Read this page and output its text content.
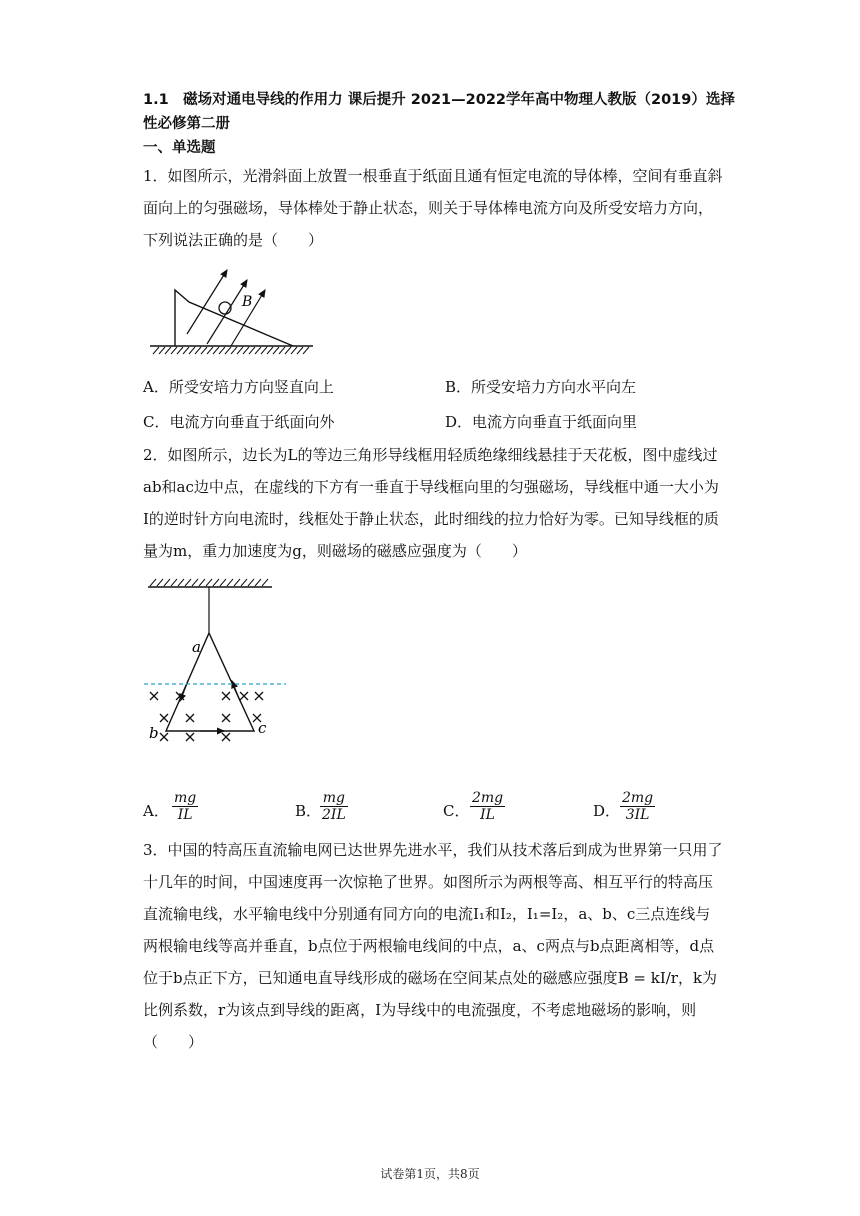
1.1　磁场对通电导线的作用力 课后提升 2021—2022学年高中物理人教版（2019）选择性必修第二册
一、单选题
1．如图所示，光滑斜面上放置一根垂直于纸面且通有恒定电流的导体棒，空间有垂直斜面向上的匀强磁场，导体棒处于静止状态，则关于导体棒电流方向及所受安培力方向，下列说法正确的是（　　）
B
A．所受安培力方向竖直向上	B．所受安培力方向水平向左
C．电流方向垂直于纸面向外	D．电流方向垂直于纸面向里
2．如图所示，边长为L的等边三角形导线框用轻质绝缘细线悬挂于天花板，图中虚线过ab和ac边中点，在虚线的下方有一垂直于导线框向里的匀强磁场，导线框中通一大小为I的逆时针方向电流时，线框处于静止状态，此时细线的拉力恰好为零。已知导线框的质量为m，重力加速度为g，则磁场的磁感应强度为（　　）
a
b	c
A． $\frac{mg}{IL}$	B．
$\frac{mg}{2IL}$	C． $\frac{2mg}{IL}$	D． $\frac{2mg}{3IL}$
3．中国的特高压直流输电网已达世界先进水平，我们从技术落后到成为世界第一只用了十几年的时间，中国速度再一次惊艳了世界。如图所示为两根等高、相互平行的特高压直流输电线，水平输电线中分别通有同方向的电流I₁和I₂，I₁=I₂，a、b、c三点连线与两根输电线等高并垂直，b点位于两根输电线间的中点，a、c两点与b点距离相等，d点位于b点正下方，已知通电直导线形成的磁场在空间某点处的磁感应强度B = kI/r，k为比例系数，r为该点到导线的距离，I为导线中的电流强度，不考虑地磁场的影响，则（　　）
试卷第1页，共8页
